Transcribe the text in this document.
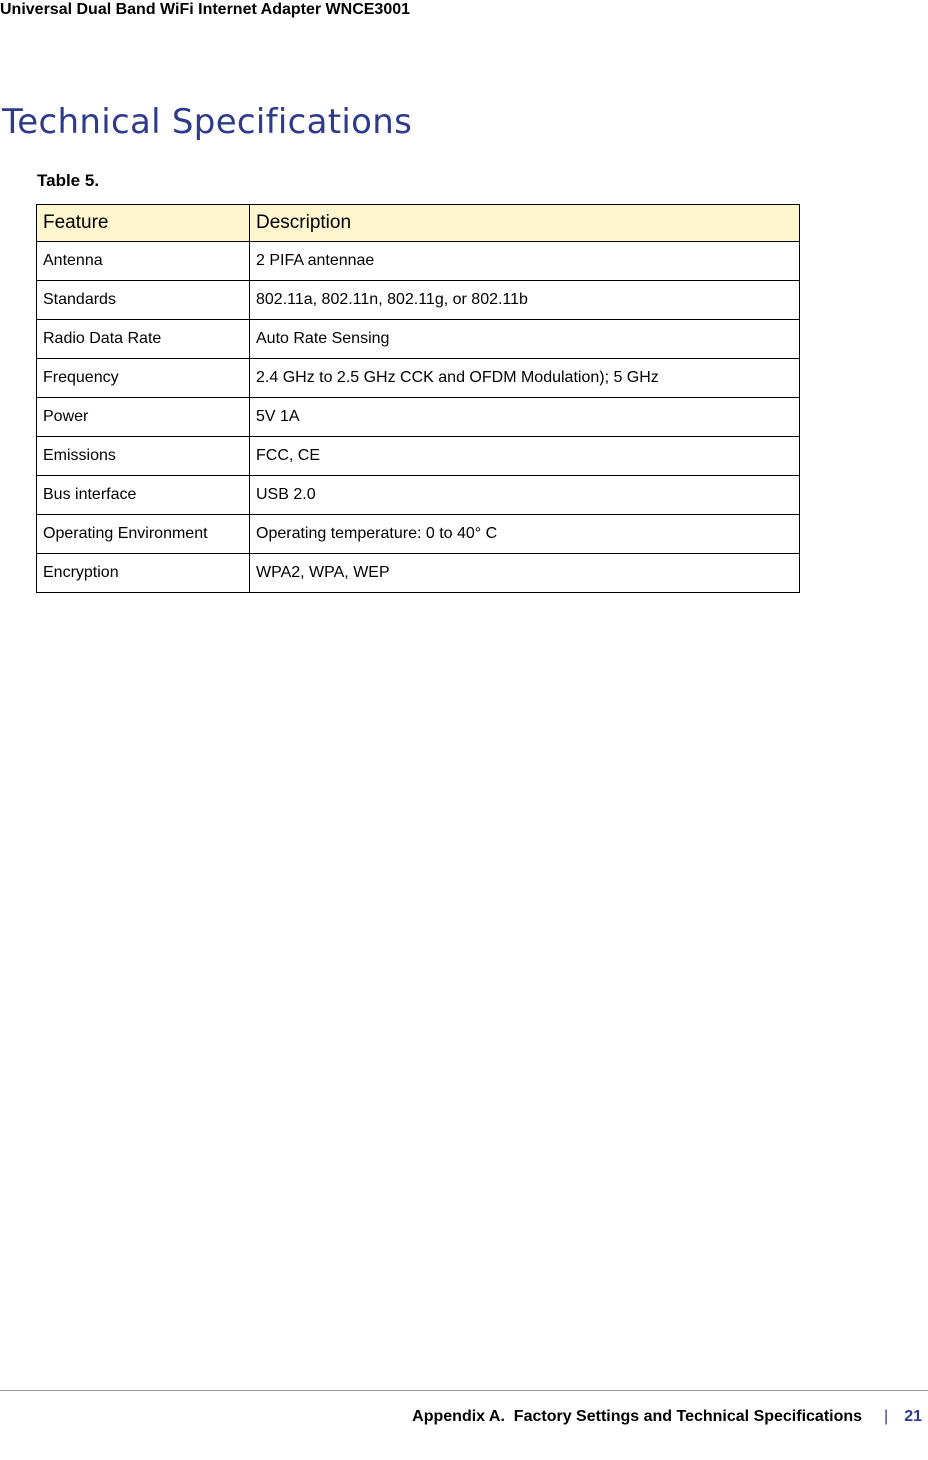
Universal Dual Band WiFi Internet Adapter WNCE3001
Technical Specifications
Table 5.
Feature	Description
Antenna	2 PIFA antennae
Standards	802.11a, 802.11n, 802.11g, or 802.11b
Radio Data Rate	Auto Rate Sensing
Frequency	2.4 GHz to 2.5 GHz CCK and OFDM Modulation); 5 GHz
Power	5V 1A
Emissions	FCC, CE
Bus interface	USB 2.0
Operating Environment	Operating temperature: 0 to 40° C
Encryption	WPA2, WPA, WEP
Appendix A.  Factory Settings and Technical Specifications | 21
